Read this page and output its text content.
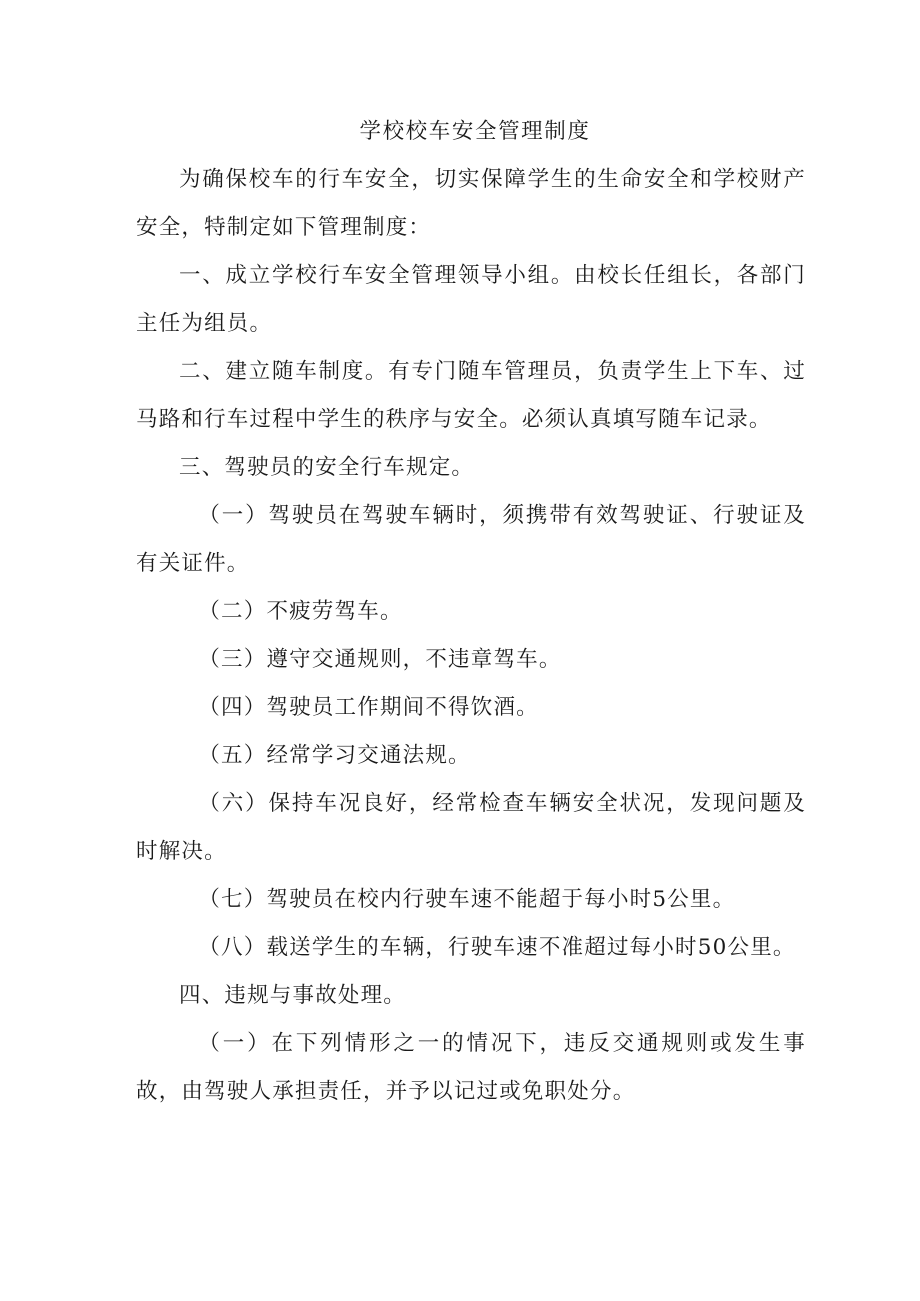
学校校车安全管理制度

为确保校车的行车安全，切实保障学生的生命安全和学校财产安全，特制定如下管理制度：

一、成立学校行车安全管理领导小组。由校长任组长，各部门主任为组员。

二、建立随车制度。有专门随车管理员，负责学生上下车、过马路和行车过程中学生的秩序与安全。必须认真填写随车记录。

三、驾驶员的安全行车规定。

（一）驾驶员在驾驶车辆时，须携带有效驾驶证、行驶证及有关证件。

（二）不疲劳驾车。

（三）遵守交通规则，不违章驾车。

（四）驾驶员工作期间不得饮酒。

（五）经常学习交通法规。

（六）保持车况良好，经常检查车辆安全状况，发现问题及时解决。

（七）驾驶员在校内行驶车速不能超于每小时5公里。

（八）载送学生的车辆，行驶车速不准超过每小时50公里。

四、违规与事故处理。

（一）在下列情形之一的情况下，违反交通规则或发生事故，由驾驶人承担责任，并予以记过或免职处分。
